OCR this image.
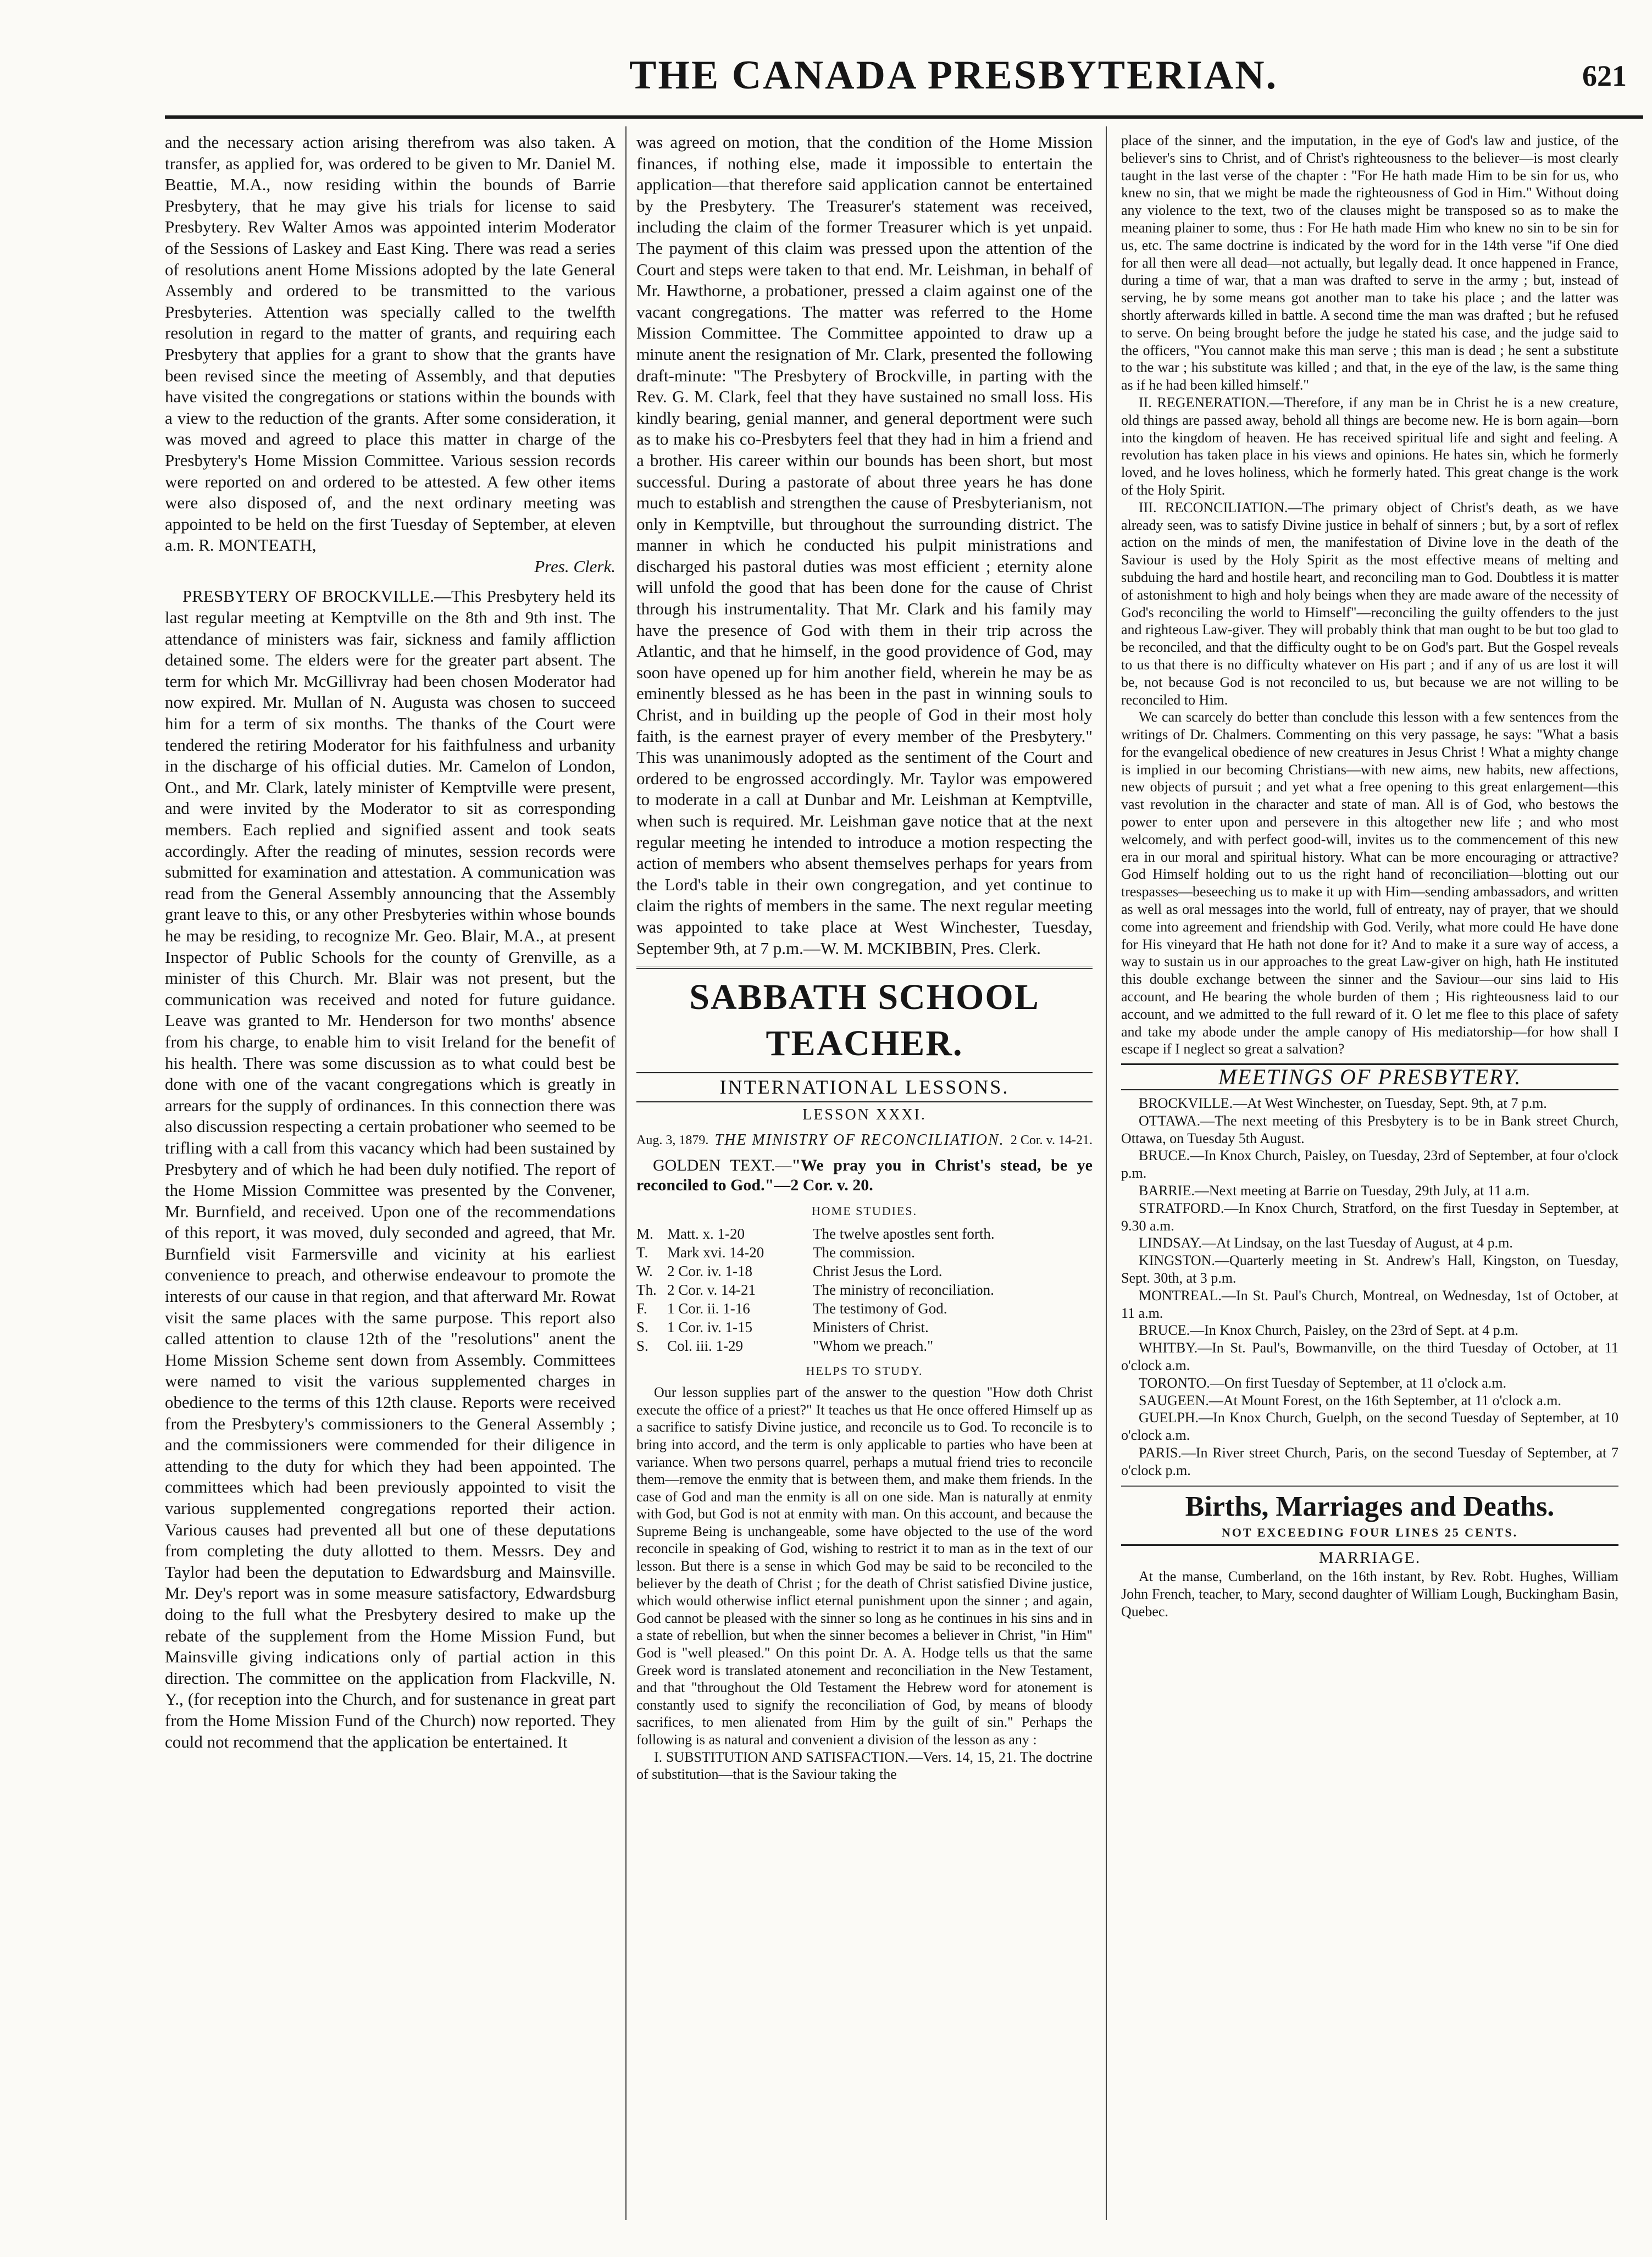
THE CANADA PRESBYTERIAN.	621

and the necessary action arising therefrom was also taken. A transfer, as applied for, was ordered to be given to Mr. Daniel M. Beattie, M.A., now residing within the bounds of Barrie Presbytery, that he may give his trials for license to said Presbytery. Rev Walter Amos was appointed interim Moderator of the Sessions of Laskey and East King. There was read a series of resolutions anent Home Missions adopted by the late General Assembly and ordered to be transmitted to the various Presbyteries. Attention was specially called to the twelfth resolution in regard to the matter of grants, and requiring each Presbytery that applies for a grant to show that the grants have been revised since the meeting of Assembly, and that deputies have visited the congregations or stations within the bounds with a view to the reduction of the grants. After some consideration, it was moved and agreed to place this matter in charge of the Presbytery's Home Mission Committee. Various session records were reported on and ordered to be attested. A few other items were also disposed of, and the next ordinary meeting was appointed to be held on the first Tuesday of September, at eleven a.m. R. MONTEATH,

Pres. Clerk.

PRESBYTERY OF BROCKVILLE.—This Presbytery held its last regular meeting at Kemptville on the 8th and 9th inst. The attendance of ministers was fair, sickness and family affliction detained some. The elders were for the greater part absent. The term for which Mr. McGillivray had been chosen Moderator had now expired. Mr. Mullan of N. Augusta was chosen to succeed him for a term of six months. The thanks of the Court were tendered the retiring Moderator for his faithfulness and urbanity in the discharge of his official duties. Mr. Camelon of London, Ont., and Mr. Clark, lately minister of Kemptville were present, and were invited by the Moderator to sit as corresponding members. Each replied and signified assent and took seats accordingly. After the reading of minutes, session records were submitted for examination and attestation. A communication was read from the General Assembly announcing that the Assembly grant leave to this, or any other Presbyteries within whose bounds he may be residing, to recognize Mr. Geo. Blair, M.A., at present Inspector of Public Schools for the county of Grenville, as a minister of this Church. Mr. Blair was not present, but the communication was received and noted for future guidance. Leave was granted to Mr. Henderson for two months' absence from his charge, to enable him to visit Ireland for the benefit of his health. There was some discussion as to what could best be done with one of the vacant congregations which is greatly in arrears for the supply of ordinances. In this connection there was also discussion respecting a certain probationer who seemed to be trifling with a call from this vacancy which had been sustained by Presbytery and of which he had been duly notified. The report of the Home Mission Committee was presented by the Convener, Mr. Burnfield, and received. Upon one of the recommendations of this report, it was moved, duly seconded and agreed, that Mr. Burnfield visit Farmersville and vicinity at his earliest convenience to preach, and otherwise endeavour to promote the interests of our cause in that region, and that afterward Mr. Rowat visit the same places with the same purpose. This report also called attention to clause 12th of the "resolutions" anent the Home Mission Scheme sent down from Assembly. Committees were named to visit the various supplemented charges in obedience to the terms of this 12th clause. Reports were received from the Presbytery's commissioners to the General Assembly ; and the commissioners were commended for their diligence in attending to the duty for which they had been appointed. The committees which had been previously appointed to visit the various supplemented congregations reported their action. Various causes had prevented all but one of these deputations from completing the duty allotted to them. Messrs. Dey and Taylor had been the deputation to Edwardsburg and Mainsville. Mr. Dey's report was in some measure satisfactory, Edwardsburg doing to the full what the Presbytery desired to make up the rebate of the supplement from the Home Mission Fund, but Mainsville giving indications only of partial action in this direction. The committee on the application from Flackville, N. Y., (for reception into the Church, and for sustenance in great part from the Home Mission Fund of the Church) now reported. They could not recommend that the application be entertained. It

was agreed on motion, that the condition of the Home Mission finances, if nothing else, made it impossible to entertain the application—that therefore said application cannot be entertained by the Presbytery. The Treasurer's statement was received, including the claim of the former Treasurer which is yet unpaid. The payment of this claim was pressed upon the attention of the Court and steps were taken to that end. Mr. Leishman, in behalf of Mr. Hawthorne, a probationer, pressed a claim against one of the vacant congregations. The matter was referred to the Home Mission Committee. The Committee appointed to draw up a minute anent the resignation of Mr. Clark, presented the following draft-minute: "The Presbytery of Brockville, in parting with the Rev. G. M. Clark, feel that they have sustained no small loss. His kindly bearing, genial manner, and general deportment were such as to make his co-Presbyters feel that they had in him a friend and a brother. His career within our bounds has been short, but most successful. During a pastorate of about three years he has done much to establish and strengthen the cause of Presbyterianism, not only in Kemptville, but throughout the surrounding district. The manner in which he conducted his pulpit ministrations and discharged his pastoral duties was most efficient ; eternity alone will unfold the good that has been done for the cause of Christ through his instrumentality. That Mr. Clark and his family may have the presence of God with them in their trip across the Atlantic, and that he himself, in the good providence of God, may soon have opened up for him another field, wherein he may be as eminently blessed as he has been in the past in winning souls to Christ, and in building up the people of God in their most holy faith, is the earnest prayer of every member of the Presbytery." This was unanimously adopted as the sentiment of the Court and ordered to be engrossed accordingly. Mr. Taylor was empowered to moderate in a call at Dunbar and Mr. Leishman at Kemptville, when such is required. Mr. Leishman gave notice that at the next regular meeting he intended to introduce a motion respecting the action of members who absent themselves perhaps for years from the Lord's table in their own congregation, and yet continue to claim the rights of members in the same. The next regular meeting was appointed to take place at West Winchester, Tuesday, September 9th, at 7 p.m.—W. M. MCKIBBIN, Pres. Clerk.

SABBATH SCHOOL TEACHER.
INTERNATIONAL LESSONS.
LESSON XXXI.
Aug. 3, 1879. THE MINISTRY OF RECONCILIATION. 2 Cor. v. 14-21.

GOLDEN TEXT.—"We pray you in Christ's stead, be ye reconciled to God."—2 Cor. v. 20.

HOME STUDIES.
M.	Matt. x. 1-20	The twelve apostles sent forth.
T.	Mark xvi. 14-20	The commission.
W.	2 Cor. iv. 1-18	Christ Jesus the Lord.
Th.	2 Cor. v. 14-21	The ministry of reconciliation.
F.	1 Cor. ii. 1-16	The testimony of God.
S.	1 Cor. iv. 1-15	Ministers of Christ.
S.	Col. iii. 1-29	"Whom we preach."
HELPS TO STUDY.

Our lesson supplies part of the answer to the question "How doth Christ execute the office of a priest?" It teaches us that He once offered Himself up as a sacrifice to satisfy Divine justice, and reconcile us to God. To reconcile is to bring into accord, and the term is only applicable to parties who have been at variance. When two persons quarrel, perhaps a mutual friend tries to reconcile them—remove the enmity that is between them, and make them friends. In the case of God and man the enmity is all on one side. Man is naturally at enmity with God, but God is not at enmity with man. On this account, and because the Supreme Being is unchangeable, some have objected to the use of the word reconcile in speaking of God, wishing to restrict it to man as in the text of our lesson. But there is a sense in which God may be said to be reconciled to the believer by the death of Christ ; for the death of Christ satisfied Divine justice, which would otherwise inflict eternal punishment upon the sinner ; and again, God cannot be pleased with the sinner so long as he continues in his sins and in a state of rebellion, but when the sinner becomes a believer in Christ, "in Him" God is "well pleased." On this point Dr. A. A. Hodge tells us that the same Greek word is translated atonement and reconciliation in the New Testament, and that "throughout the Old Testament the Hebrew word for atonement is constantly used to signify the reconciliation of God, by means of bloody sacrifices, to men alienated from Him by the guilt of sin." Perhaps the following is as natural and convenient a division of the lesson as any :

I. SUBSTITUTION AND SATISFACTION.—Vers. 14, 15, 21. The doctrine of substitution—that is the Saviour taking the

place of the sinner, and the imputation, in the eye of God's law and justice, of the believer's sins to Christ, and of Christ's righteousness to the believer—is most clearly taught in the last verse of the chapter : "For He hath made Him to be sin for us, who knew no sin, that we might be made the righteousness of God in Him." Without doing any violence to the text, two of the clauses might be transposed so as to make the meaning plainer to some, thus : For He hath made Him who knew no sin to be sin for us, etc. The same doctrine is indicated by the word for in the 14th verse "if One died for all then were all dead—not actually, but legally dead. It once happened in France, during a time of war, that a man was drafted to serve in the army ; but, instead of serving, he by some means got another man to take his place ; and the latter was shortly afterwards killed in battle. A second time the man was drafted ; but he refused to serve. On being brought before the judge he stated his case, and the judge said to the officers, "You cannot make this man serve ; this man is dead ; he sent a substitute to the war ; his substitute was killed ; and that, in the eye of the law, is the same thing as if he had been killed himself."

II. REGENERATION.—Therefore, if any man be in Christ he is a new creature, old things are passed away, behold all things are become new. He is born again—born into the kingdom of heaven. He has received spiritual life and sight and feeling. A revolution has taken place in his views and opinions. He hates sin, which he formerly loved, and he loves holiness, which he formerly hated. This great change is the work of the Holy Spirit.

III. RECONCILIATION.—The primary object of Christ's death, as we have already seen, was to satisfy Divine justice in behalf of sinners ; but, by a sort of reflex action on the minds of men, the manifestation of Divine love in the death of the Saviour is used by the Holy Spirit as the most effective means of melting and subduing the hard and hostile heart, and reconciling man to God. Doubtless it is matter of astonishment to high and holy beings when they are made aware of the necessity of God's reconciling the world to Himself"—reconciling the guilty offenders to the just and righteous Law-giver. They will probably think that man ought to be but too glad to be reconciled, and that the difficulty ought to be on God's part. But the Gospel reveals to us that there is no difficulty whatever on His part ; and if any of us are lost it will be, not because God is not reconciled to us, but because we are not willing to be reconciled to Him.

We can scarcely do better than conclude this lesson with a few sentences from the writings of Dr. Chalmers. Commenting on this very passage, he says: "What a basis for the evangelical obedience of new creatures in Jesus Christ ! What a mighty change is implied in our becoming Christians—with new aims, new habits, new affections, new objects of pursuit ; and yet what a free opening to this great enlargement—this vast revolution in the character and state of man. All is of God, who bestows the power to enter upon and persevere in this altogether new life ; and who most welcomely, and with perfect good-will, invites us to the commencement of this new era in our moral and spiritual history. What can be more encouraging or attractive? God Himself holding out to us the right hand of reconciliation—blotting out our trespasses—beseeching us to make it up with Him—sending ambassadors, and written as well as oral messages into the world, full of entreaty, nay of prayer, that we should come into agreement and friendship with God. Verily, what more could He have done for His vineyard that He hath not done for it? And to make it a sure way of access, a way to sustain us in our approaches to the great Law-giver on high, hath He instituted this double exchange between the sinner and the Saviour—our sins laid to His account, and He bearing the whole burden of them ; His righteousness laid to our account, and we admitted to the full reward of it. O let me flee to this place of safety and take my abode under the ample canopy of His mediatorship—for how shall I escape if I neglect so great a salvation?

MEETINGS OF PRESBYTERY.

BROCKVILLE.—At West Winchester, on Tuesday, Sept. 9th, at 7 p.m.

OTTAWA.—The next meeting of this Presbytery is to be in Bank street Church, Ottawa, on Tuesday 5th August.

BRUCE.—In Knox Church, Paisley, on Tuesday, 23rd of September, at four o'clock p.m.

BARRIE.—Next meeting at Barrie on Tuesday, 29th July, at 11 a.m.

STRATFORD.—In Knox Church, Stratford, on the first Tuesday in September, at 9.30 a.m.

LINDSAY.—At Lindsay, on the last Tuesday of August, at 4 p.m.

KINGSTON.—Quarterly meeting in St. Andrew's Hall, Kingston, on Tuesday, Sept. 30th, at 3 p.m.

MONTREAL.—In St. Paul's Church, Montreal, on Wednesday, 1st of October, at 11 a.m.

BRUCE.—In Knox Church, Paisley, on the 23rd of Sept. at 4 p.m.

WHITBY.—In St. Paul's, Bowmanville, on the third Tuesday of October, at 11 o'clock a.m.

TORONTO.—On first Tuesday of September, at 11 o'clock a.m.

SAUGEEN.—At Mount Forest, on the 16th September, at 11 o'clock a.m.

GUELPH.—In Knox Church, Guelph, on the second Tuesday of September, at 10 o'clock a.m.

PARIS.—In River street Church, Paris, on the second Tuesday of September, at 7 o'clock p.m.

Births, Marriages and Deaths.
NOT EXCEEDING FOUR LINES 25 CENTS.
MARRIAGE.

At the manse, Cumberland, on the 16th instant, by Rev. Robt. Hughes, William John French, teacher, to Mary, second daughter of William Lough, Buckingham Basin, Quebec.
